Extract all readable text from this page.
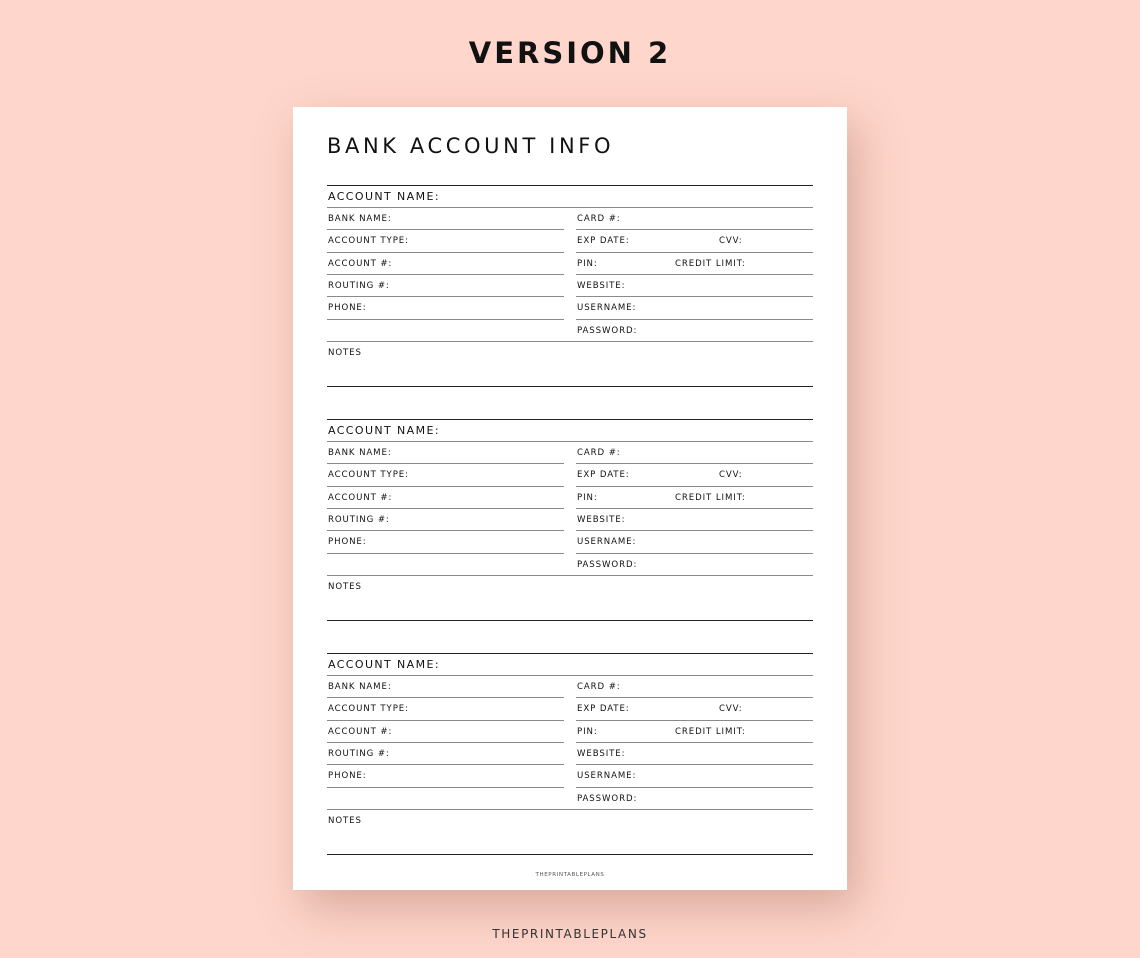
VERSION 2
BANK ACCOUNT INFO
ACCOUNT NAME:
BANK NAME:	CARD #:
ACCOUNT TYPE:	EXP DATE:	CVV:
ACCOUNT #:	PIN:	CREDIT LIMIT:
ROUTING #:	WEBSITE:
PHONE:	USERNAME:
PASSWORD:
NOTES
ACCOUNT NAME:
BANK NAME:	CARD #:
ACCOUNT TYPE:	EXP DATE:	CVV:
ACCOUNT #:	PIN:	CREDIT LIMIT:
ROUTING #:	WEBSITE:
PHONE:	USERNAME:
PASSWORD:
NOTES
ACCOUNT NAME:
BANK NAME:	CARD #:
ACCOUNT TYPE:	EXP DATE:	CVV:
ACCOUNT #:	PIN:	CREDIT LIMIT:
ROUTING #:	WEBSITE:
PHONE:	USERNAME:
PASSWORD:
NOTES
THEPRINTABLEPLANS
THEPRINTABLEPLANS
